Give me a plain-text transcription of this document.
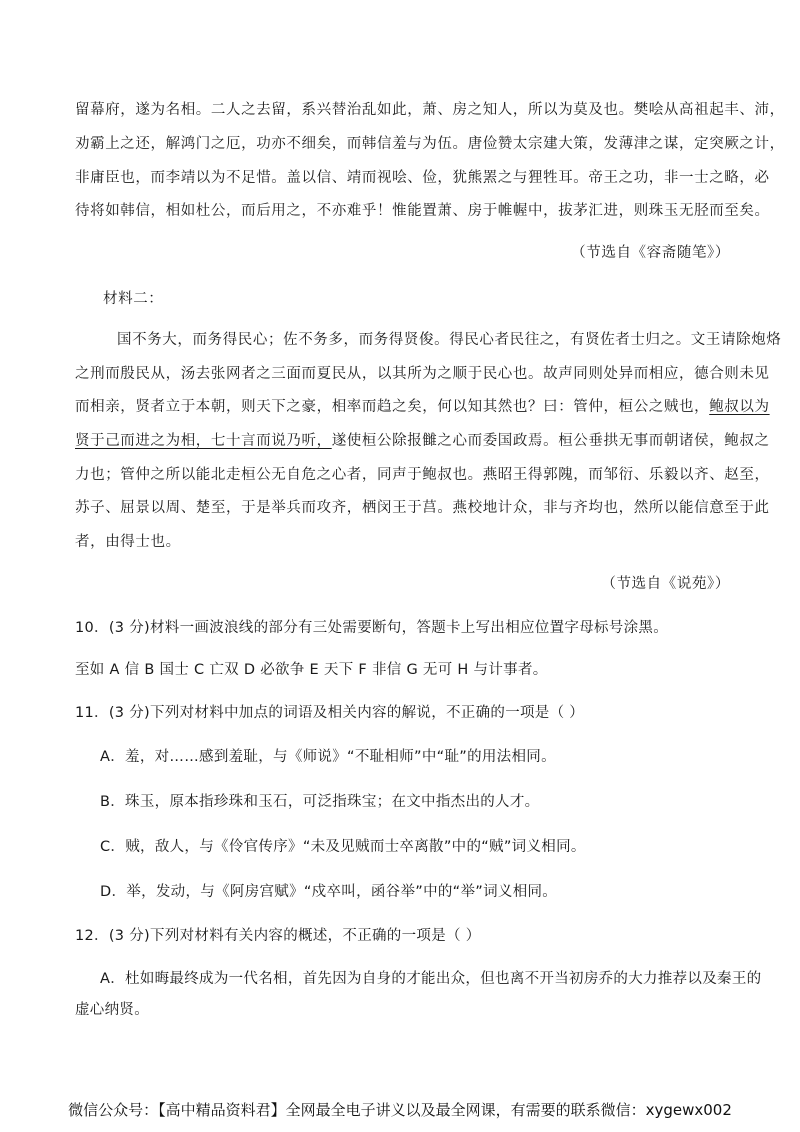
留幕府，遂为名相。二人之去留，系兴替治乱如此，萧、房之知人，所以为莫及也。樊哙从高祖起丰、沛，
劝霸上之还，解鸿门之厄，功亦不细矣，而韩信羞与为伍。唐俭赞太宗建大策，发薄津之谋，定突厥之计，
非庸臣也，而李靖以为不足惜。盖以信、靖而视哙、俭，犹熊罴之与狸牲耳。帝王之功，非一士之略，必
待将如韩信，相如杜公，而后用之，不亦难乎！惟能置萧、房于帷幄中，拔茅汇进，则珠玉无胫而至矣。
（节选自《容斋随笔》）
材料二：
国不务大，而务得民心；佐不务多，而务得贤俊。得民心者民往之，有贤佐者士归之。文王请除炮烙
之刑而殷民从，汤去张网者之三面而夏民从，以其所为之顺于民心也。故声同则处异而相应，德合则未见
而相亲，贤者立于本朝，则天下之豪，相率而趋之矣，何以知其然也？曰：管仲，桓公之贼也，鲍叔以为
贤于己而进之为相，七十言而说乃听，遂使桓公除报雠之心而委国政焉。桓公垂拱无事而朝诸侯，鲍叔之
力也；管仲之所以能北走桓公无自危之心者，同声于鲍叔也。燕昭王得郭隗，而邹衍、乐毅以齐、赵至，
苏子、屈景以周、楚至，于是举兵而攻齐，栖闵王于莒。燕校地计众，非与齐均也，然所以能信意至于此
者，由得士也。
（节选自《说苑》）
10．(3 分)材料一画波浪线的部分有三处需要断句，答题卡上写出相应位置字母标号涂黑。
至如 A 信 B 国士 C 亡双 D 必欲争 E 天下 F 非信 G 无可 H 与计事者。
11．(3 分)下列对材料中加点的词语及相关内容的解说，不正确的一项是（ ）
A．羞，对……感到羞耻，与《师说》“不耻相师”中“耻”的用法相同。
B．珠玉，原本指珍珠和玉石，可泛指珠宝；在文中指杰出的人才。
C．贼，敌人，与《伶官传序》“未及见贼而士卒离散”中的“贼”词义相同。
D．举，发动，与《阿房宫赋》“戍卒叫，函谷举”中的“举”词义相同。
12．(3 分)下列对材料有关内容的概述，不正确的一项是（ ）
A．杜如晦最终成为一代名相，首先因为自身的才能出众，但也离不开当初房乔的大力推荐以及秦王的
虚心纳贤。
微信公众号：【高中精品资料君】全网最全电子讲义以及最全网课，有需要的联系微信：xygewx002
